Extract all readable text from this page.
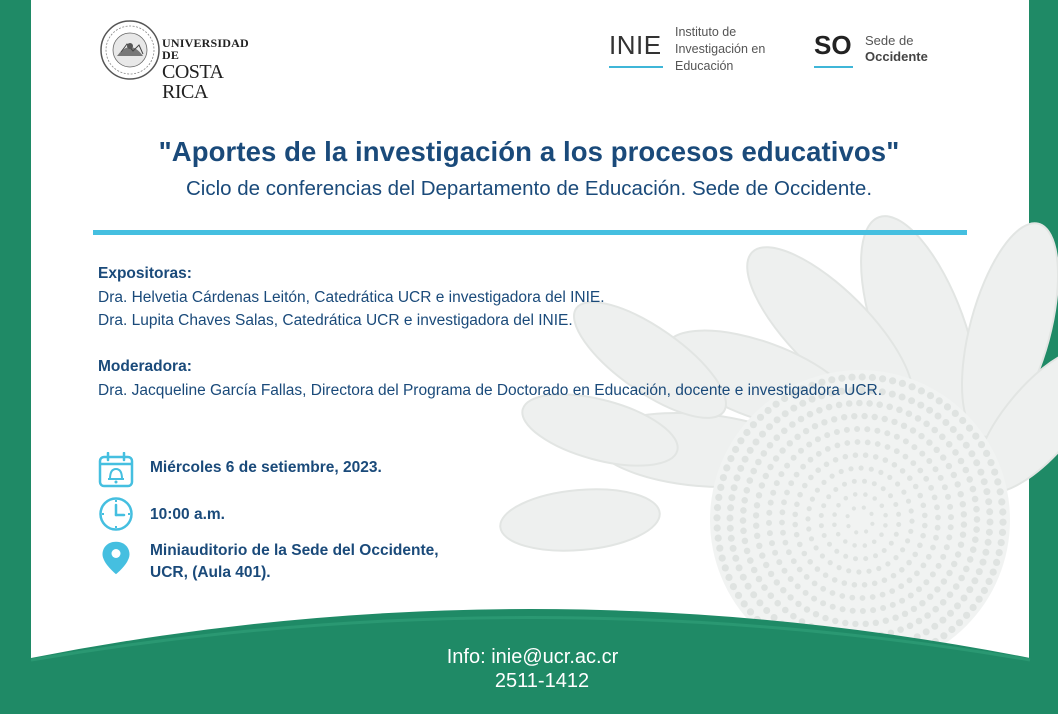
UNIVERSIDAD DE
COSTA RICA
INIE Instituto de
Investigación en
Educación
SO Sede de
Occidente
"Aportes de la investigación a los procesos educativos"
Ciclo de conferencias del Departamento de Educación. Sede de Occidente.
Expositoras:
Dra. Helvetia Cárdenas Leitón, Catedrática UCR e investigadora del INIE.
Dra. Lupita Chaves Salas, Catedrática UCR e investigadora del INIE.
Moderadora:
Dra. Jacqueline García Fallas, Directora del Programa de Doctorado en Educación, docente e investigadora UCR.
Miércoles 6 de setiembre, 2023.
10:00 a.m.
Miniauditorio de la Sede del Occidente,
UCR, (Aula 401).
Info: inie@ucr.ac.cr
2511-1412
